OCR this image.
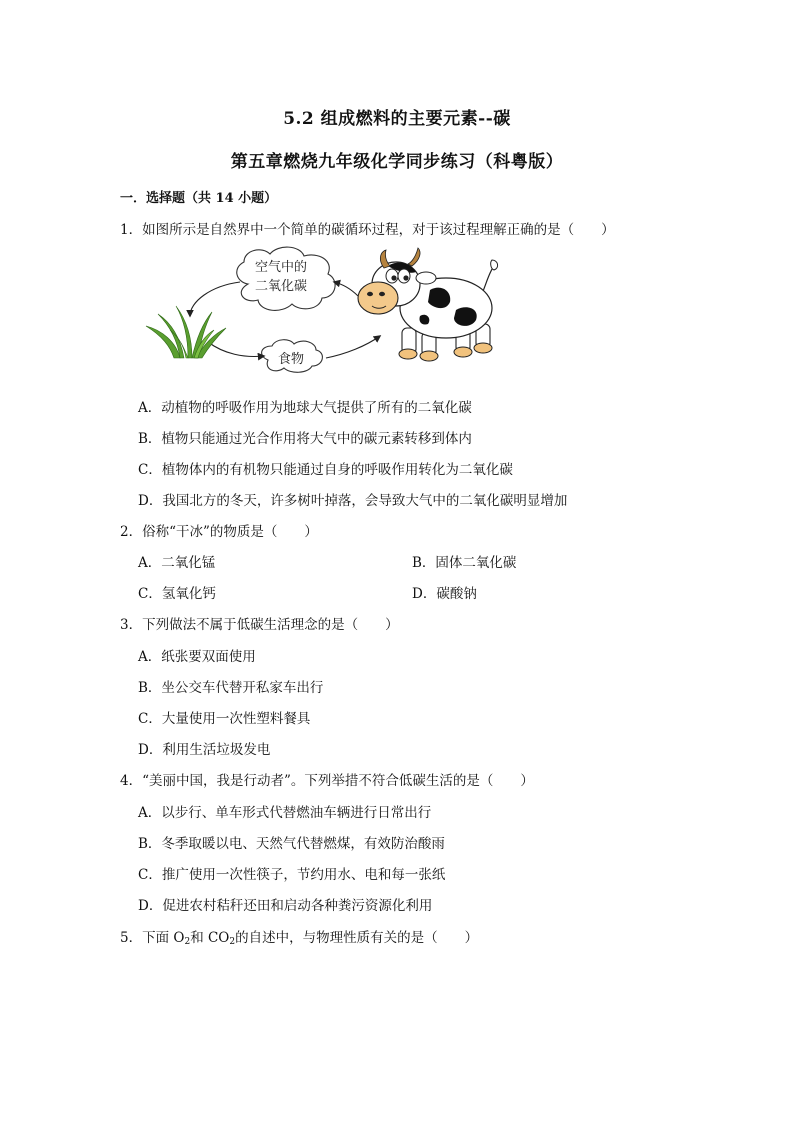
5.2 组成燃料的主要元素--碳
第五章燃烧九年级化学同步练习（科粤版）
一．选择题（共 14 小题）
1．如图所示是自然界中一个简单的碳循环过程，对于该过程理解正确的是（　　）
空气中的
二氧化碳
食物
A．动植物的呼吸作用为地球大气提供了所有的二氧化碳
B．植物只能通过光合作用将大气中的碳元素转移到体内
C．植物体内的有机物只能通过自身的呼吸作用转化为二氧化碳
D．我国北方的冬天，许多树叶掉落，会导致大气中的二氧化碳明显增加
2．俗称“干冰”的物质是（　　）
A．二氧化锰	B．固体二氧化碳
C．氢氧化钙	D．碳酸钠
3．下列做法不属于低碳生活理念的是（　　）
A．纸张要双面使用
B．坐公交车代替开私家车出行
C．大量使用一次性塑料餐具
D．利用生活垃圾发电
4．“美丽中国，我是行动者”。下列举措不符合低碳生活的是（　　）
A．以步行、单车形式代替燃油车辆进行日常出行
B．冬季取暖以电、天然气代替燃煤，有效防治酸雨
C．推广使用一次性筷子，节约用水、电和每一张纸
D．促进农村秸秆还田和启动各种粪污资源化利用
5．下面 $O_2$和 $CO_2$的自述中，与物理性质有关的是（　　）
